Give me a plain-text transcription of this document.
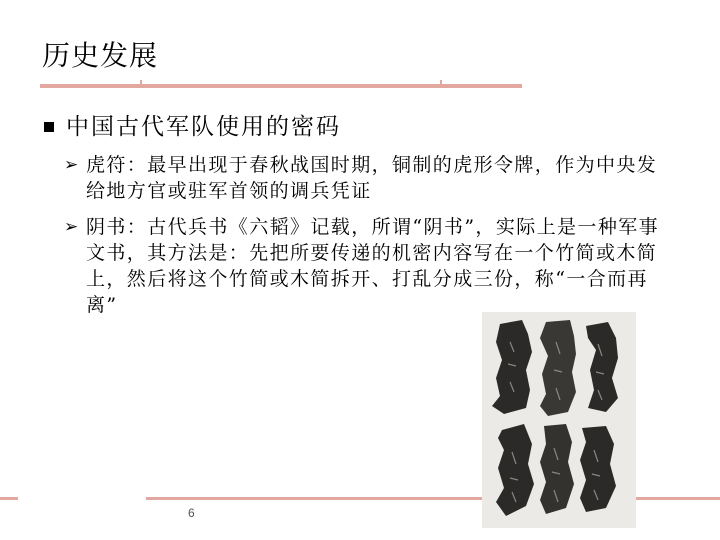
历史发展
中国古代军队使用的密码
➢ 虎符：最早出现于春秋战国时期，铜制的虎形令牌，作为中央发给地方官或驻军首领的调兵凭证
➢ 阴书：古代兵书《六韬》记载，所谓“阴书”，实际上是一种军事文书，其方法是：先把所要传递的机密内容写在一个竹简或木简上，然后将这个竹简或木简拆开、打乱分成三份，称“一合而再离”
6
